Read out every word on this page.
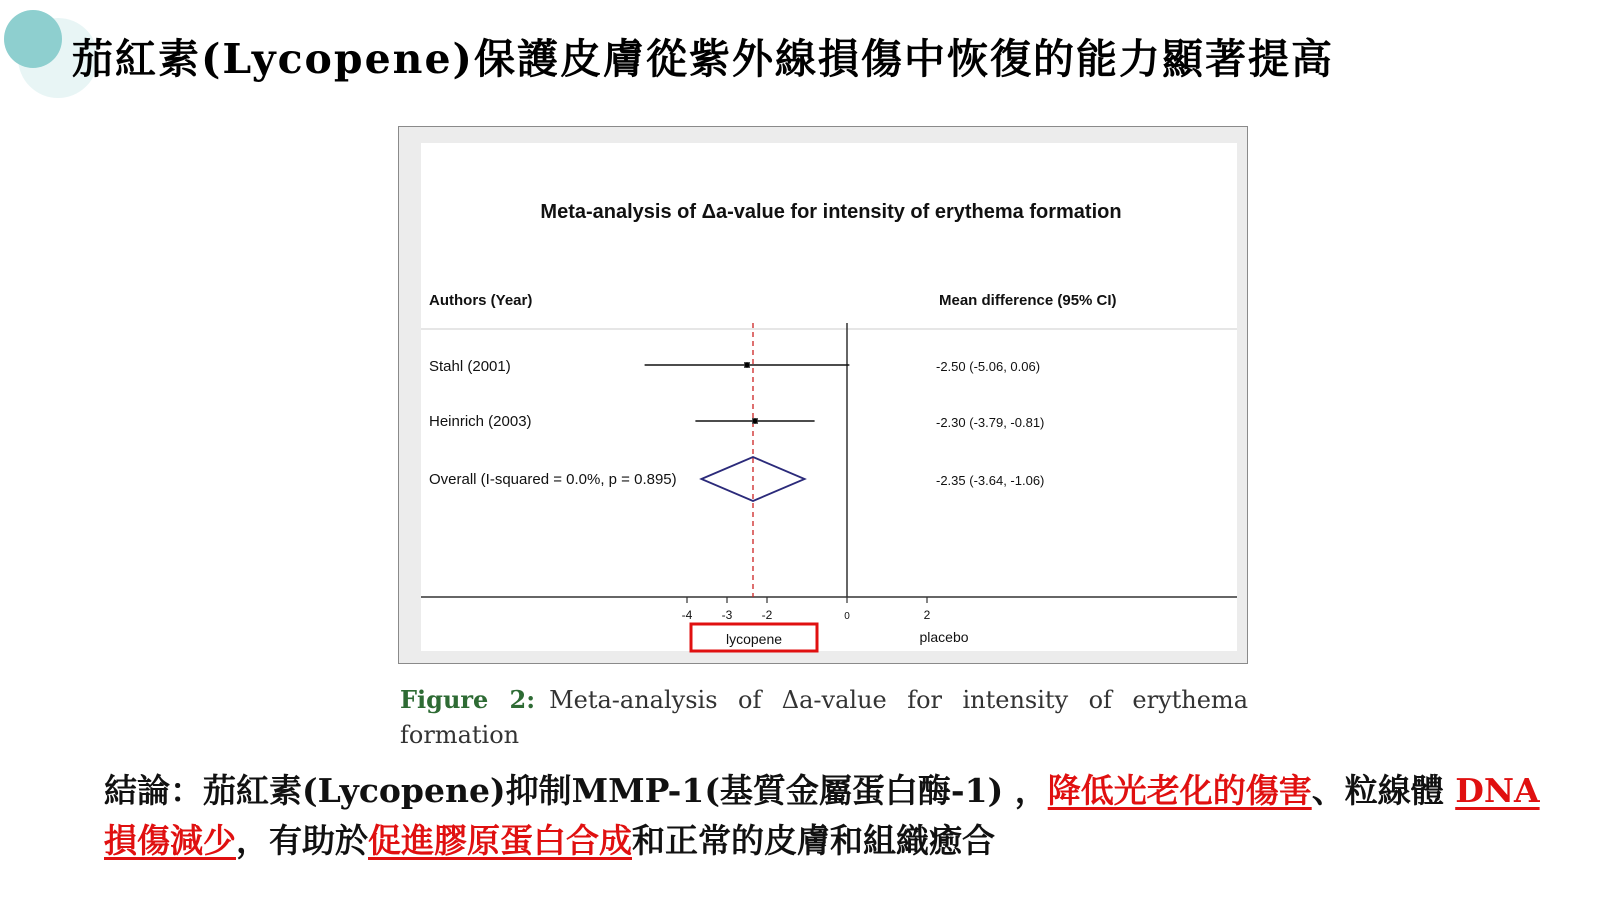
茄紅素(Lycopene)保護皮膚從紫外線損傷中恢復的能力顯著提高
Meta-analysis of Δa-value for intensity of erythema formation
Authors (Year)	Mean difference (95% CI)
Stahl (2001)	-2.50 (-5.06, 0.06)
Heinrich (2003)	-2.30 (-3.79, -0.81)
Overall (I-squared = 0.0%, p = 0.895)	-2.35 (-3.64, -1.06)
-4 -3 -2	0	2
lycopene	placebo
Figure 2: Meta-analysis of Δa-value for intensity of erythema formation
結論：茄紅素(Lycopene)抑制MMP-1(基質金屬蛋白酶-1) ，降低光老化的傷害、粒線體 DNA 損傷減少，有助於促進膠原蛋白合成和正常的皮膚和組織癒合
